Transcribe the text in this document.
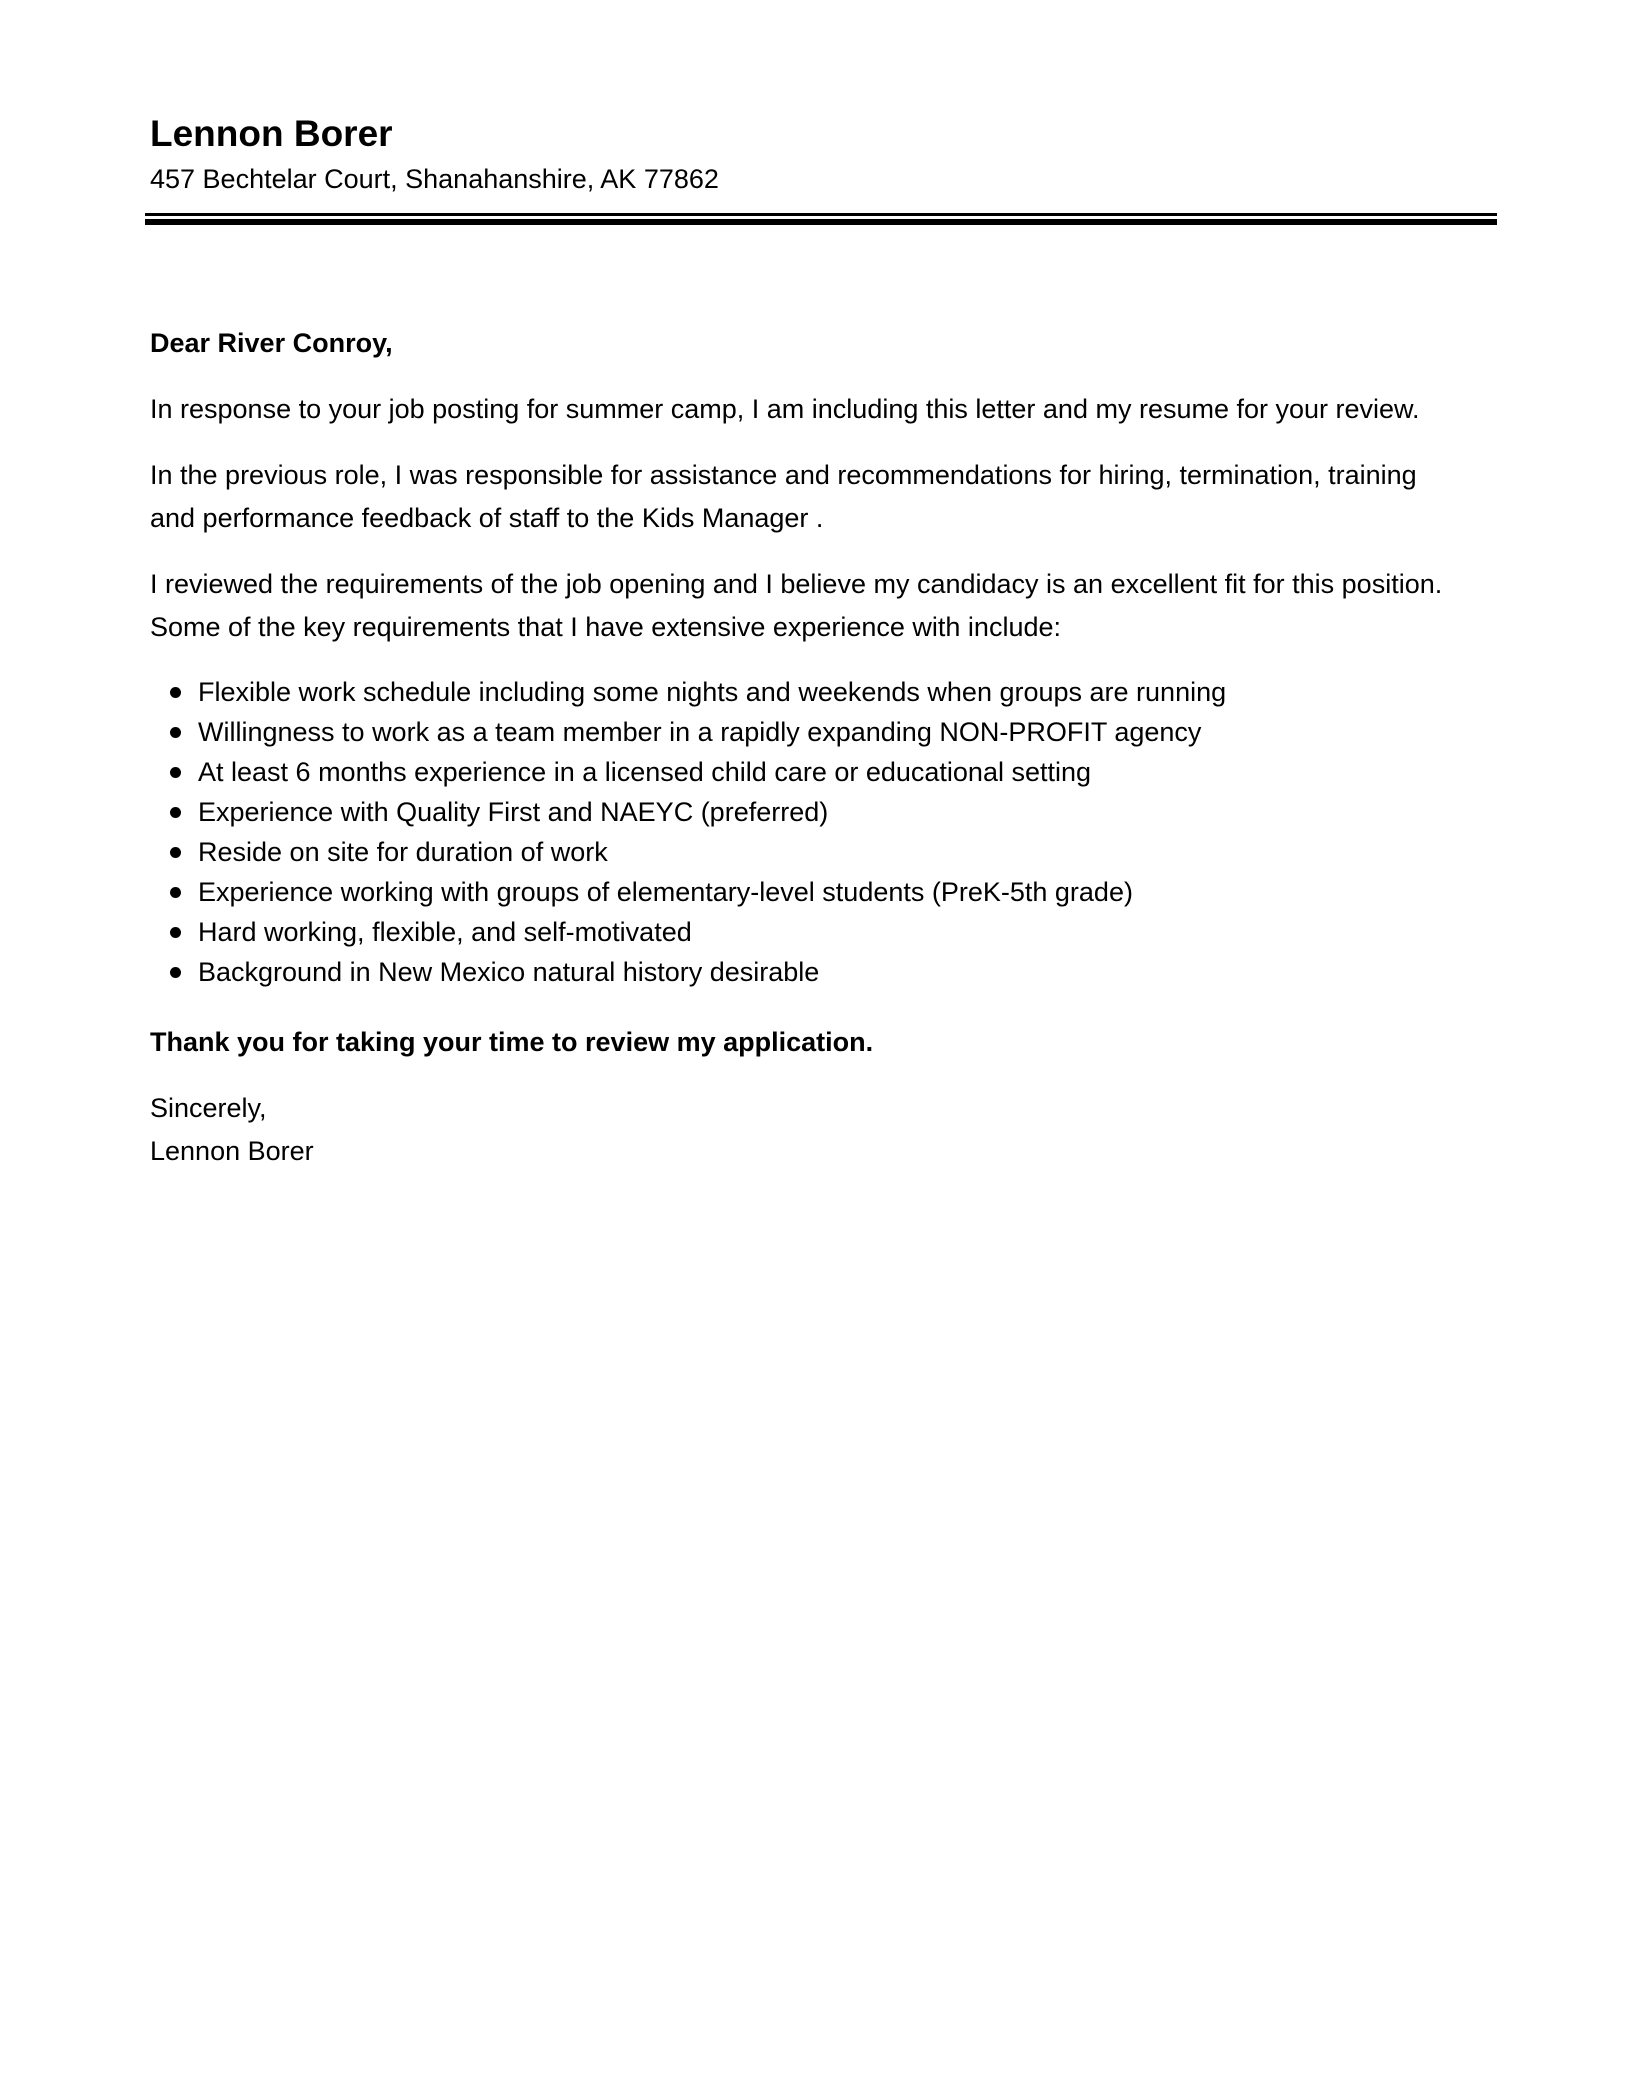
Lennon Borer

457 Bechtelar Court, Shanahanshire, AK 77862

Dear River Conroy,

In response to your job posting for summer camp, I am including this letter and my resume for your review.

In the previous role, I was responsible for assistance and recommendations for hiring, termination, training and performance feedback of staff to the Kids Manager .

I reviewed the requirements of the job opening and I believe my candidacy is an excellent fit for this position. Some of the key requirements that I have extensive experience with include:

Flexible work schedule including some nights and weekends when groups are running
Willingness to work as a team member in a rapidly expanding NON-PROFIT agency
At least 6 months experience in a licensed child care or educational setting
Experience with Quality First and NAEYC (preferred)
Reside on site for duration of work
Experience working with groups of elementary-level students (PreK-5th grade)
Hard working, flexible, and self-motivated
Background in New Mexico natural history desirable

Thank you for taking your time to review my application.

Sincerely,

Lennon Borer
